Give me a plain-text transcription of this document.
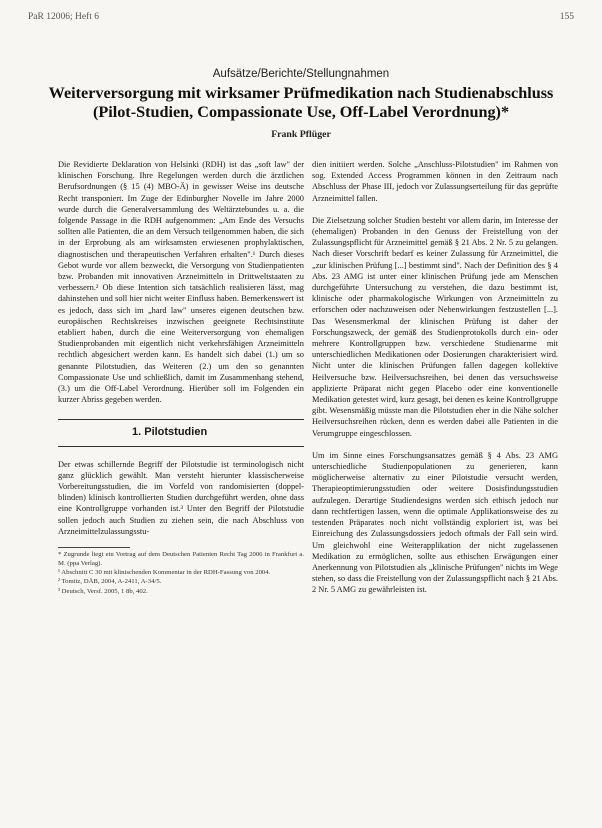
PaR 12006; Heft 6	155
Aufsätze/Berichte/Stellungnahmen
Weiterversorgung mit wirksamer Prüfmedikation nach Studienabschluss
(Pilot-Studien, Compassionate Use, Off-Label Verordnung)*
Frank Pflüger

Die Revidierte Deklaration von Helsinki (RDH) ist das „soft law" der klinischen Forschung. Ihre Regelungen werden durch die ärztlichen Berufsordnungen (§ 15 (4) MBO-Ä) in gewisser Weise ins deutsche Recht transponiert. Im Zuge der Edinburgher Novelle im Jahre 2000 wurde durch die Generalversammlung des Weltärztebundes u. a. die folgende Passage in die RDH aufgenommen: „Am Ende des Versuchs sollten alle Patienten, die an dem Versuch teilgenommen haben, die sich in der Erprobung als am wirksamsten erwiesenen prophylaktischen, diagnostischen und therapeutischen Verfahren erhalten".¹ Durch dieses Gebot wurde vor allem bezweckt, die Versorgung von Studienpatienten bzw. Probanden mit innovativen Arzneimitteln in Drittweltstaaten zu verbessern.² Ob diese Intention sich tatsächlich realisieren lässt, mag dahinstehen und soll hier nicht weiter Einfluss haben. Bemerkenswert ist es jedoch, dass sich im „hard law" unseres eigenen deutschen bzw. europäischen Rechtskreises inzwischen geeignete Rechtsinstitute etabliert haben, durch die eine Weiterversorgung von ehemaligen Studienprobanden mit eigentlich nicht verkehrsfähigen Arzneimitteln rechtlich abgesichert werden kann. Es handelt sich dabei (1.) um so genannte Pilotstudien, das Weiteren (2.) um den so genannten Compassionate Use und schließlich, damit im Zusammenhang stehend, (3.) um die Off-Label Verordnung. Hierüber soll im Folgenden ein kurzer Abriss gegeben werden.

1. Pilotstudien

Der etwas schillernde Begriff der Pilotstudie ist terminologisch nicht ganz glücklich gewählt. Man versteht hierunter klassischerweise Vorbereitungsstudien, die im Vorfeld von randomisierten (doppel-blinden) klinisch kontrollierten Studien durchgeführt werden, ohne dass eine Kontrollgruppe vorhanden ist.³ Unter den Begriff der Pilotstudie sollen jedoch auch Studien zu ziehen sein, die nach Abschluss von Arzneimittelzulassungsstu-

* Zugrunde liegt ein Vortrag auf dem Deutschen Patienten Recht Tag 2006 in Frankfurt a. M. (ppa Verlag).
¹ Abschnitt C 30 mit klinischenden Kommentar in der RDH-Fassung von 2004.
² Tomitz, DÄB, 2004, A-2411, A-34/5.
³ Deutsch, Versf. 2005, 1 8b, 402.

dien initiiert werden. Solche „Anschluss-Pilotstudien" im Rahmen von sog. Extended Access Programmen können in den Zeitraum nach Abschluss der Phase III, jedoch vor Zulassungserteilung für das geprüfte Arzneimittel fallen.

Die Zielsetzung solcher Studien besteht vor allem darin, im Interesse der (ehemaligen) Probanden in den Genuss der Freistellung von der Zulassungspflicht für Arzneimittel gemäß § 21 Abs. 2 Nr. 5 zu gelangen. Nach dieser Vorschrift bedarf es keiner Zulassung für Arzneimittel, die „zur klinischen Prüfung [...] bestimmt sind". Nach der Definition des § 4 Abs. 23 AMG ist unter einer klinischen Prüfung jede am Menschen durchgeführte Untersuchung zu verstehen, die dazu bestimmt ist, klinische oder pharmakologische Wirkungen von Arzneimitteln zu erforschen oder nachzuweisen oder Nebenwirkungen festzustellen [...]. Das Wesensmerkmal der klinischen Prüfung ist daher der Forschungszweck, der gemäß des Studienprotokolls durch ein- oder mehrere Kontrollgruppen bzw. verschiedene Studienarme mit unterschiedlichen Medikationen oder Dosierungen charakterisiert wird. Nicht unter die klinischen Prüfungen fallen dagegen kollektive Heilversuche bzw. Heilversuchsreihen, bei denen das versuchsweise applizierte Präparat nicht gegen Placebo oder eine konventionelle Medikation getestet wird, kurz gesagt, bei denen es keine Kontrollgruppe gibt. Wesensmäßig müsste man die Pilotstudien eher in die Nähe solcher Heilversuchsreihen rücken, denn es werden dabei alle Patienten in die Verumgruppe eingeschlossen.

Um im Sinne eines Forschungsansatzes gemäß § 4 Abs. 23 AMG unterschiedliche Studienpopulationen zu generieren, kann möglicherweise alternativ zu einer Pilotstudie versucht werden, Therapieoptimierungsstudien oder weitere Dosisfindungsstudien aufzulegen. Derartige Studiendesigns werden sich ethisch jedoch nur dann rechtfertigen lassen, wenn die optimale Applikationsweise des zu testenden Präparates noch nicht vollständig exploriert ist, was bei Einreichung des Zulassungsdossiers jedoch oftmals der Fall sein wird. Um gleichwohl eine Weiterapplikation der nicht zugelassenen Medikation zu ermöglichen, sollte aus ethischen Erwägungen einer Anerkennung von Pilotstudien als „klinische Prüfungen" nichts im Wege stehen, so dass die Freistellung von der Zulassungspflicht nach § 21 Abs. 2 Nr. 5 AMG zu gewährleisten ist.
